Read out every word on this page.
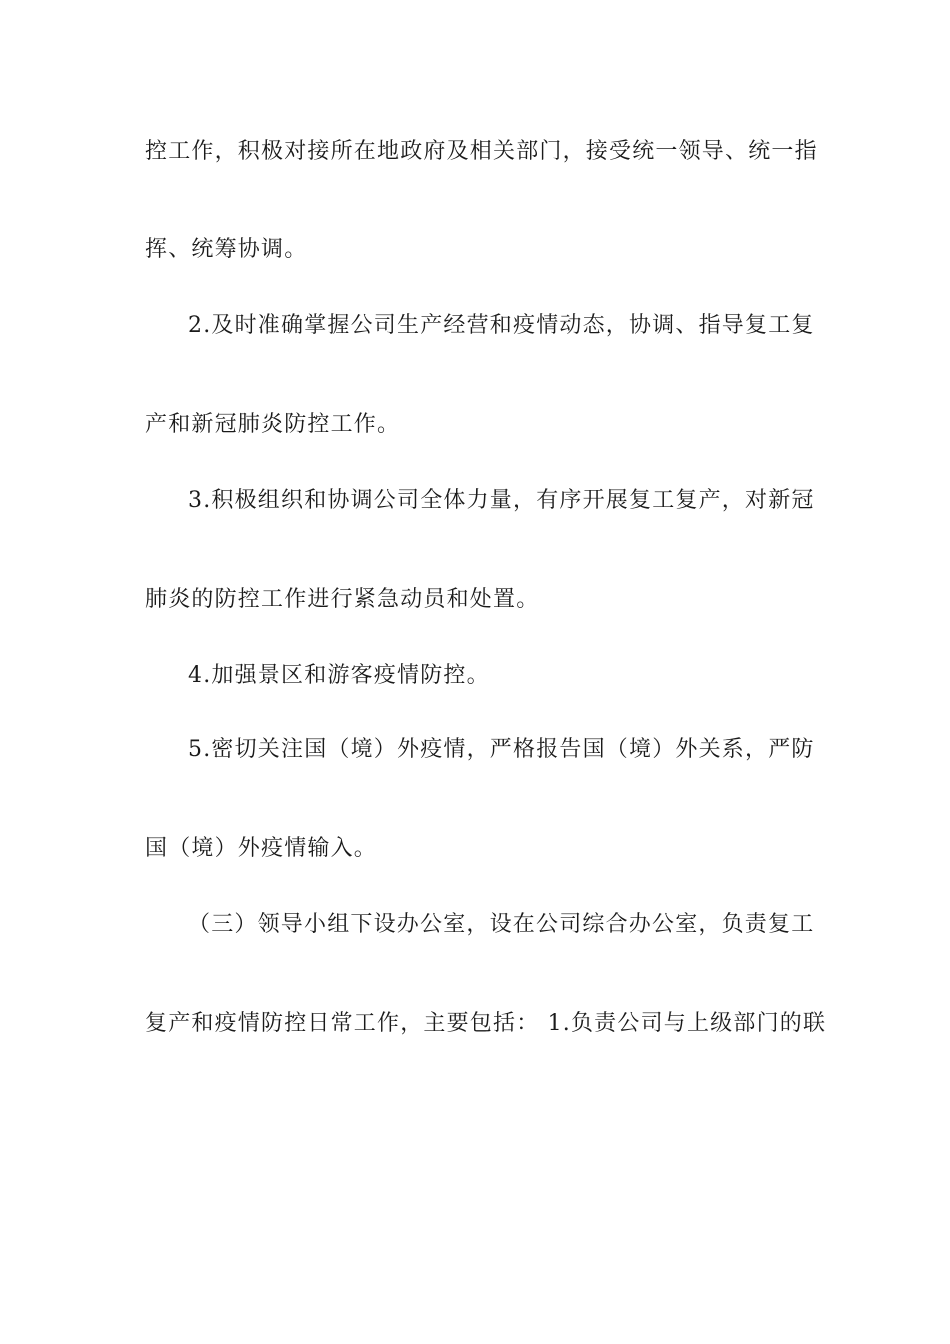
控工作，积极对接所在地政府及相关部门，接受统一领导、统一指
挥、统筹协调。
2.及时准确掌握公司生产经营和疫情动态，协调、指导复工复
产和新冠肺炎防控工作。
3.积极组织和协调公司全体力量，有序开展复工复产，对新冠
肺炎的防控工作进行紧急动员和处置。
4.加强景区和游客疫情防控。
5.密切关注国（境）外疫情，严格报告国（境）外关系，严防
国（境）外疫情输入。
（三）领导小组下设办公室，设在公司综合办公室，负责复工
复产和疫情防控日常工作，主要包括： 1.负责公司与上级部门的联
